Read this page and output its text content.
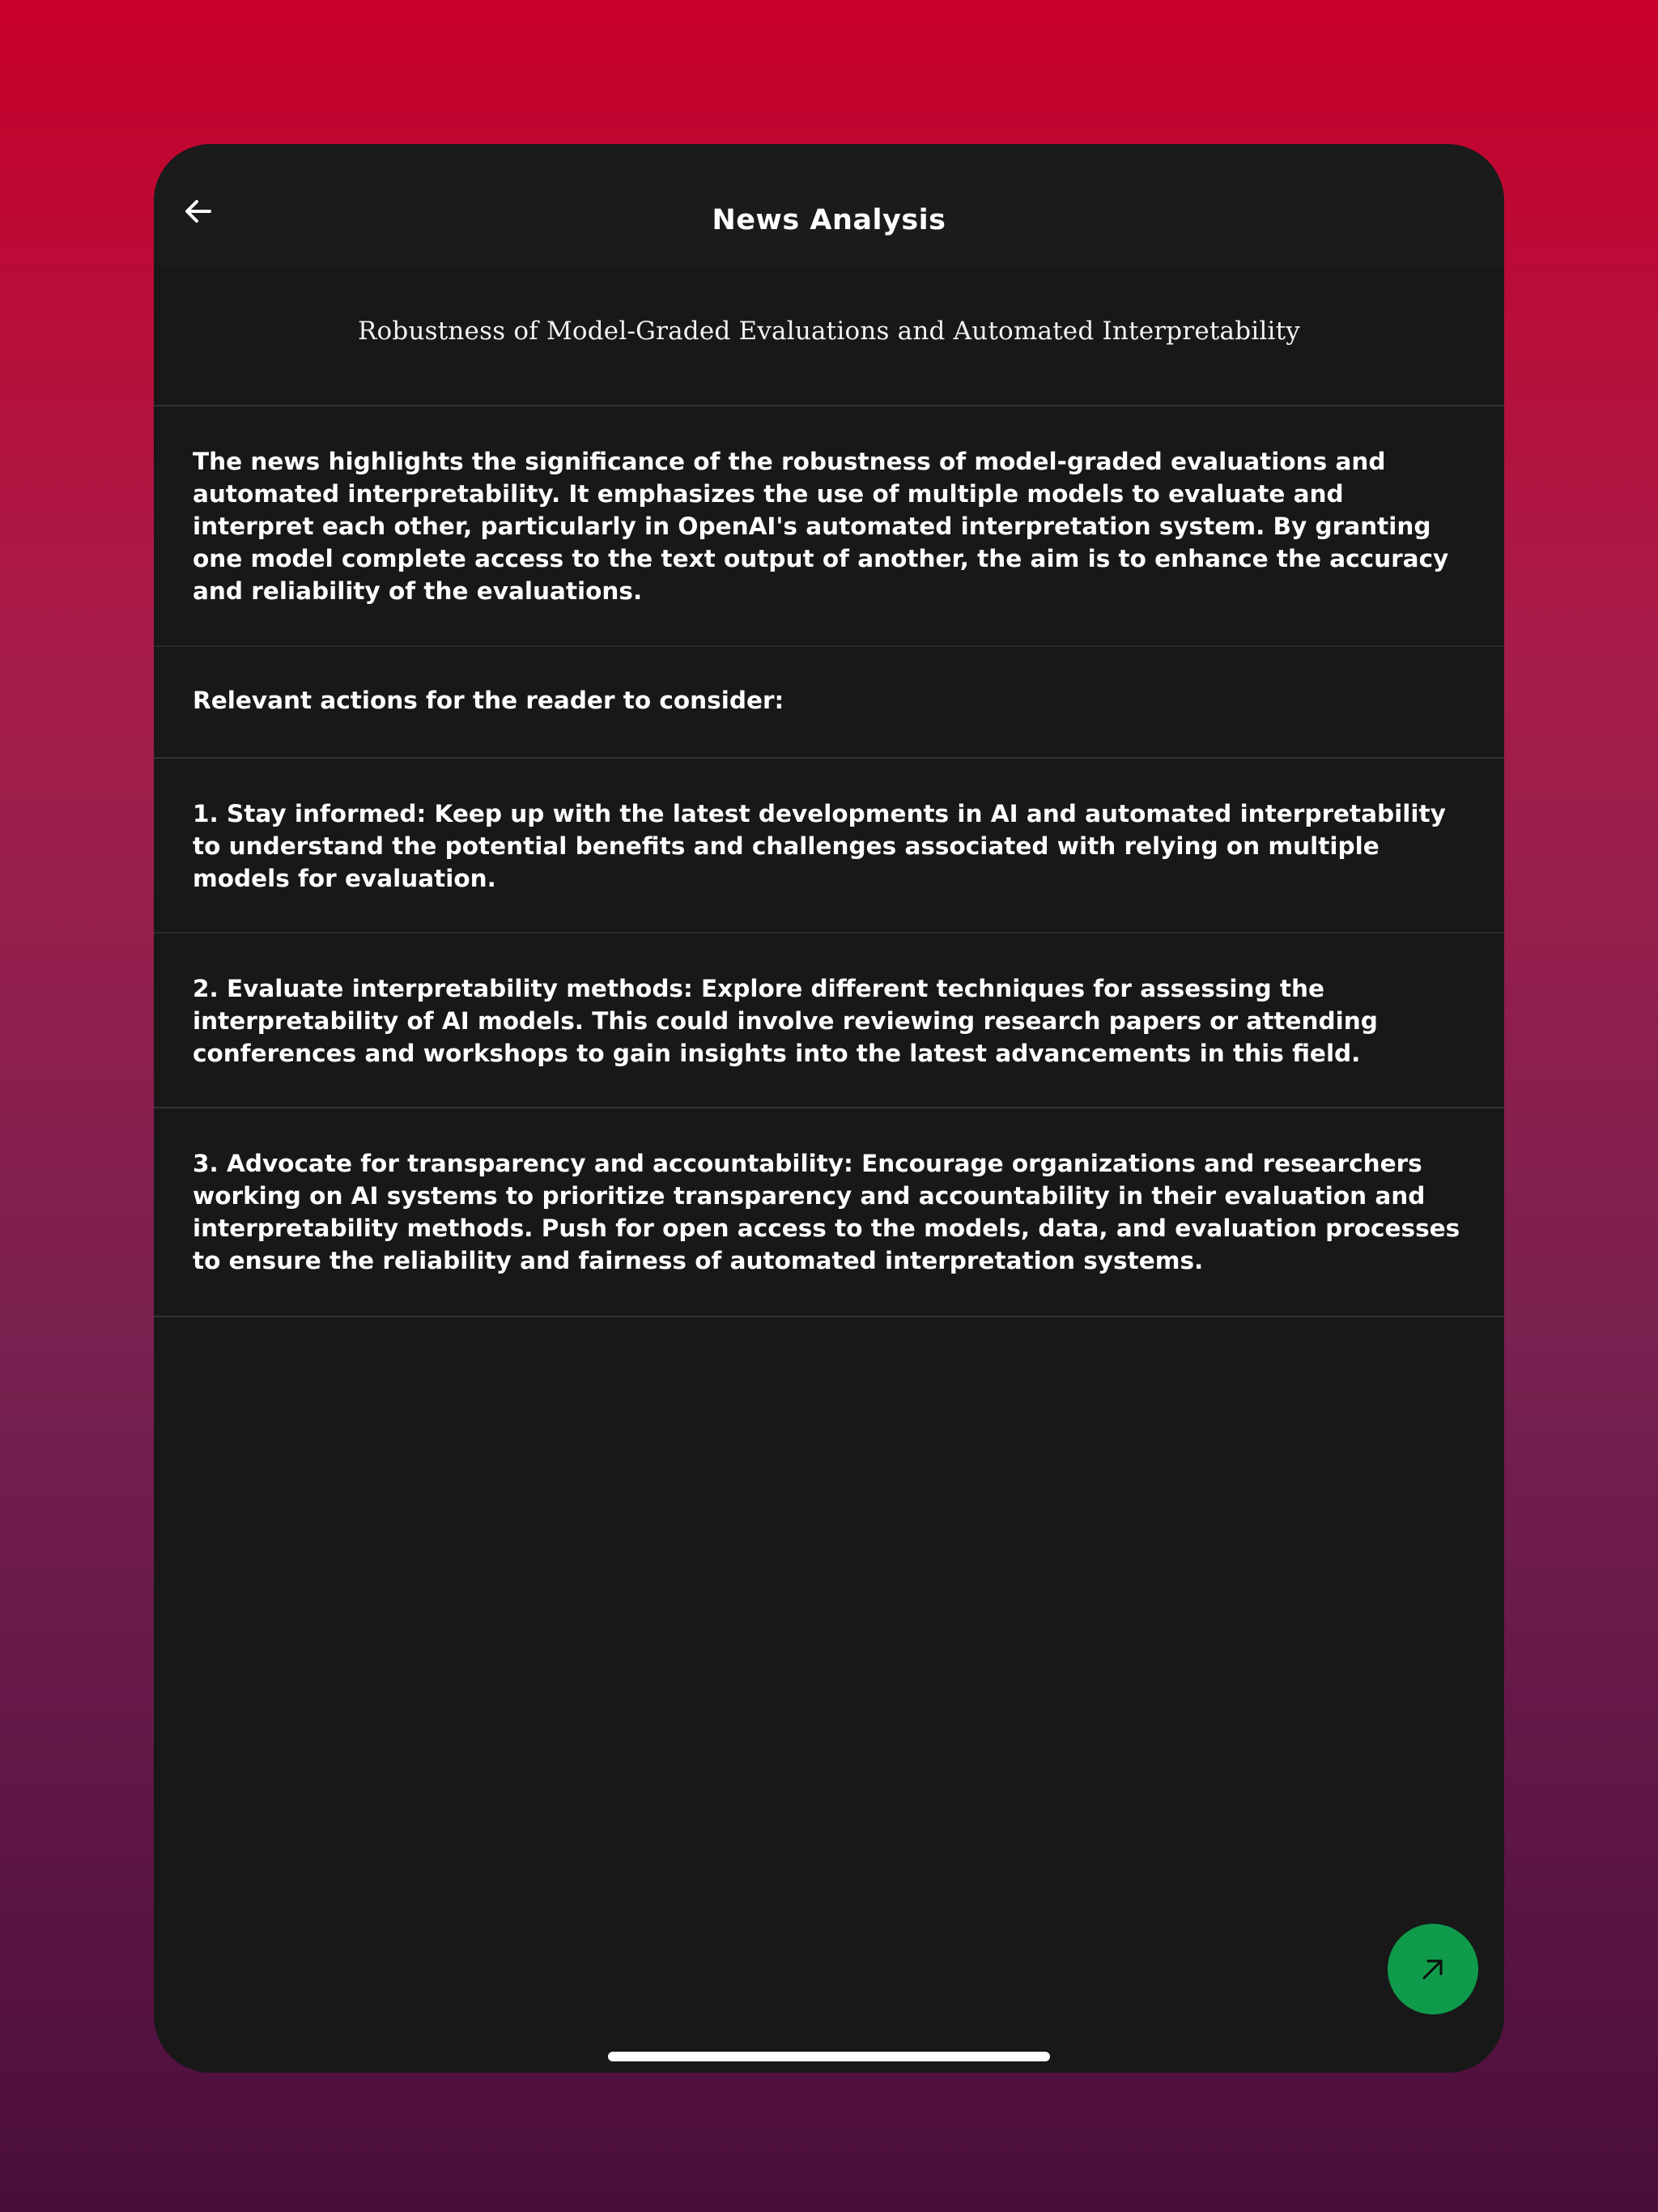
News Analysis
Robustness of Model-Graded Evaluations and Automated Interpretability
The news highlights the significance of the robustness of model-graded evaluations and automated interpretability. It emphasizes the use of multiple models to evaluate and interpret each other, particularly in OpenAI's automated interpretation system. By granting one model complete access to the text output of another, the aim is to enhance the accuracy and reliability of the evaluations.
Relevant actions for the reader to consider:
1. Stay informed: Keep up with the latest developments in AI and automated interpretability to understand the potential benefits and challenges associated with relying on multiple models for evaluation.
2. Evaluate interpretability methods: Explore different techniques for assessing the interpretability of AI models. This could involve reviewing research papers or attending conferences and workshops to gain insights into the latest advancements in this field.
3. Advocate for transparency and accountability: Encourage organizations and researchers working on AI systems to prioritize transparency and accountability in their evaluation and interpretability methods. Push for open access to the models, data, and evaluation processes to ensure the reliability and fairness of automated interpretation systems.
